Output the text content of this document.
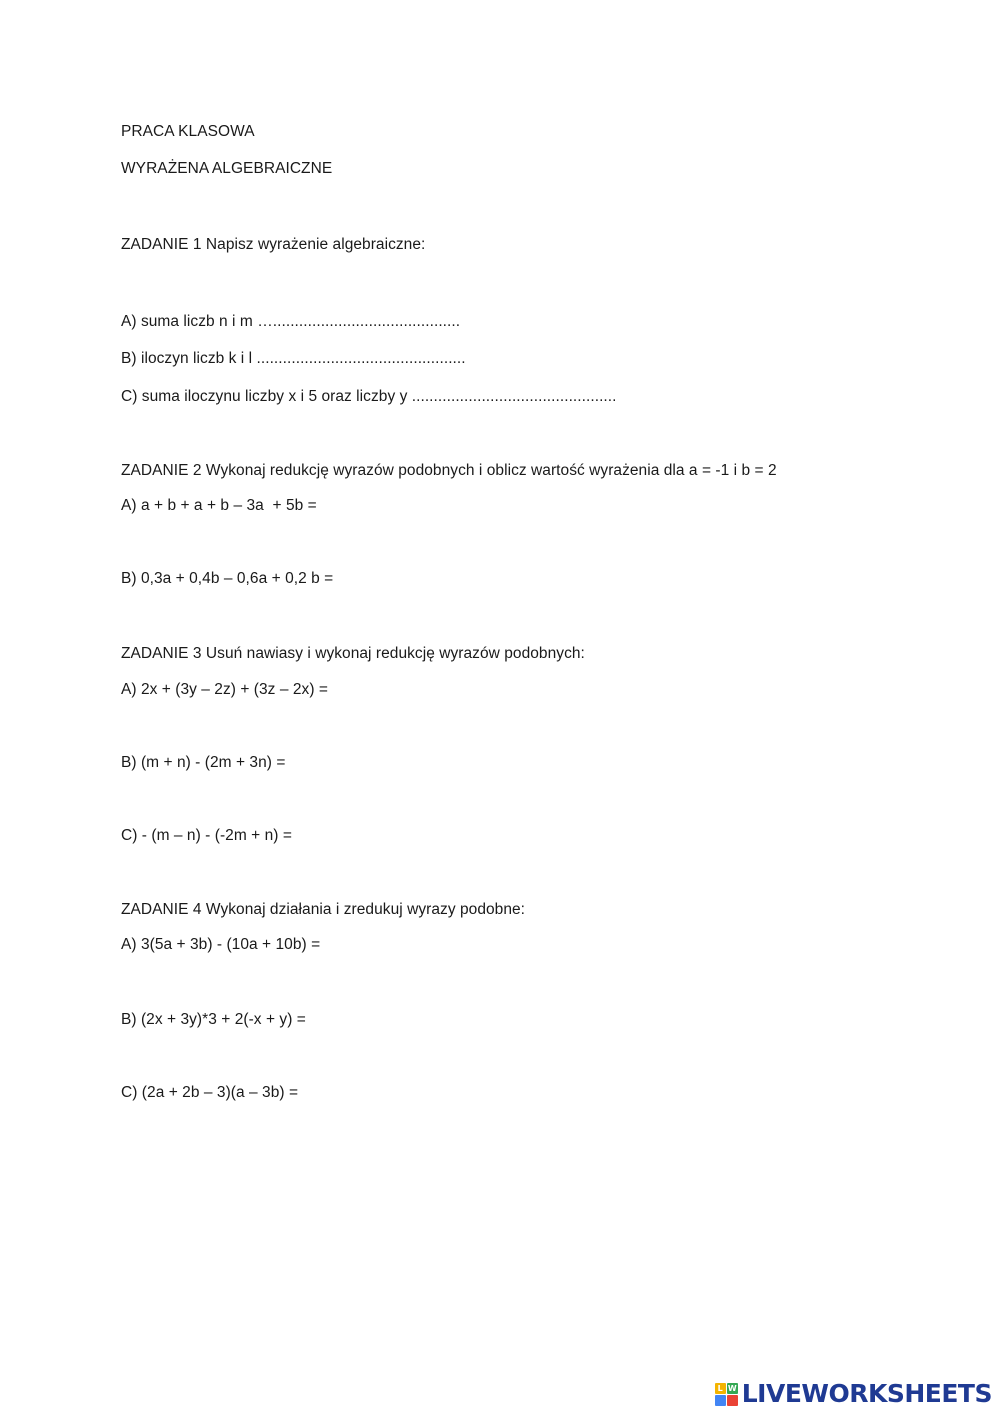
PRACA KLASOWA
WYRAŻENA ALGEBRAICZNE
ZADANIE 1 Napisz wyrażenie algebraiczne:
A) suma liczb n i m …...........................................
B) iloczyn liczb k i l ................................................
C) suma iloczynu liczby x i 5 oraz liczby y ...............................................
ZADANIE 2 Wykonaj redukcję wyrazów podobnych i oblicz wartość wyrażenia dla a = -1 i b = 2
A) a + b + a + b – 3a  + 5b =
B) 0,3a + 0,4b – 0,6a + 0,2 b =
ZADANIE 3 Usuń nawiasy i wykonaj redukcję wyrazów podobnych:
A) 2x + (3y – 2z) + (3z – 2x) =
B) (m + n) - (2m + 3n) =
C) - (m – n) - (-2m + n) =
ZADANIE 4 Wykonaj działania i zredukuj wyrazy podobne:
A) 3(5a + 3b) - (10a + 10b) =
B) (2x + 3y)*3 + 2(-x + y) =
C) (2a + 2b – 3)(a – 3b) =
L W LIVEWORKSHEETS
